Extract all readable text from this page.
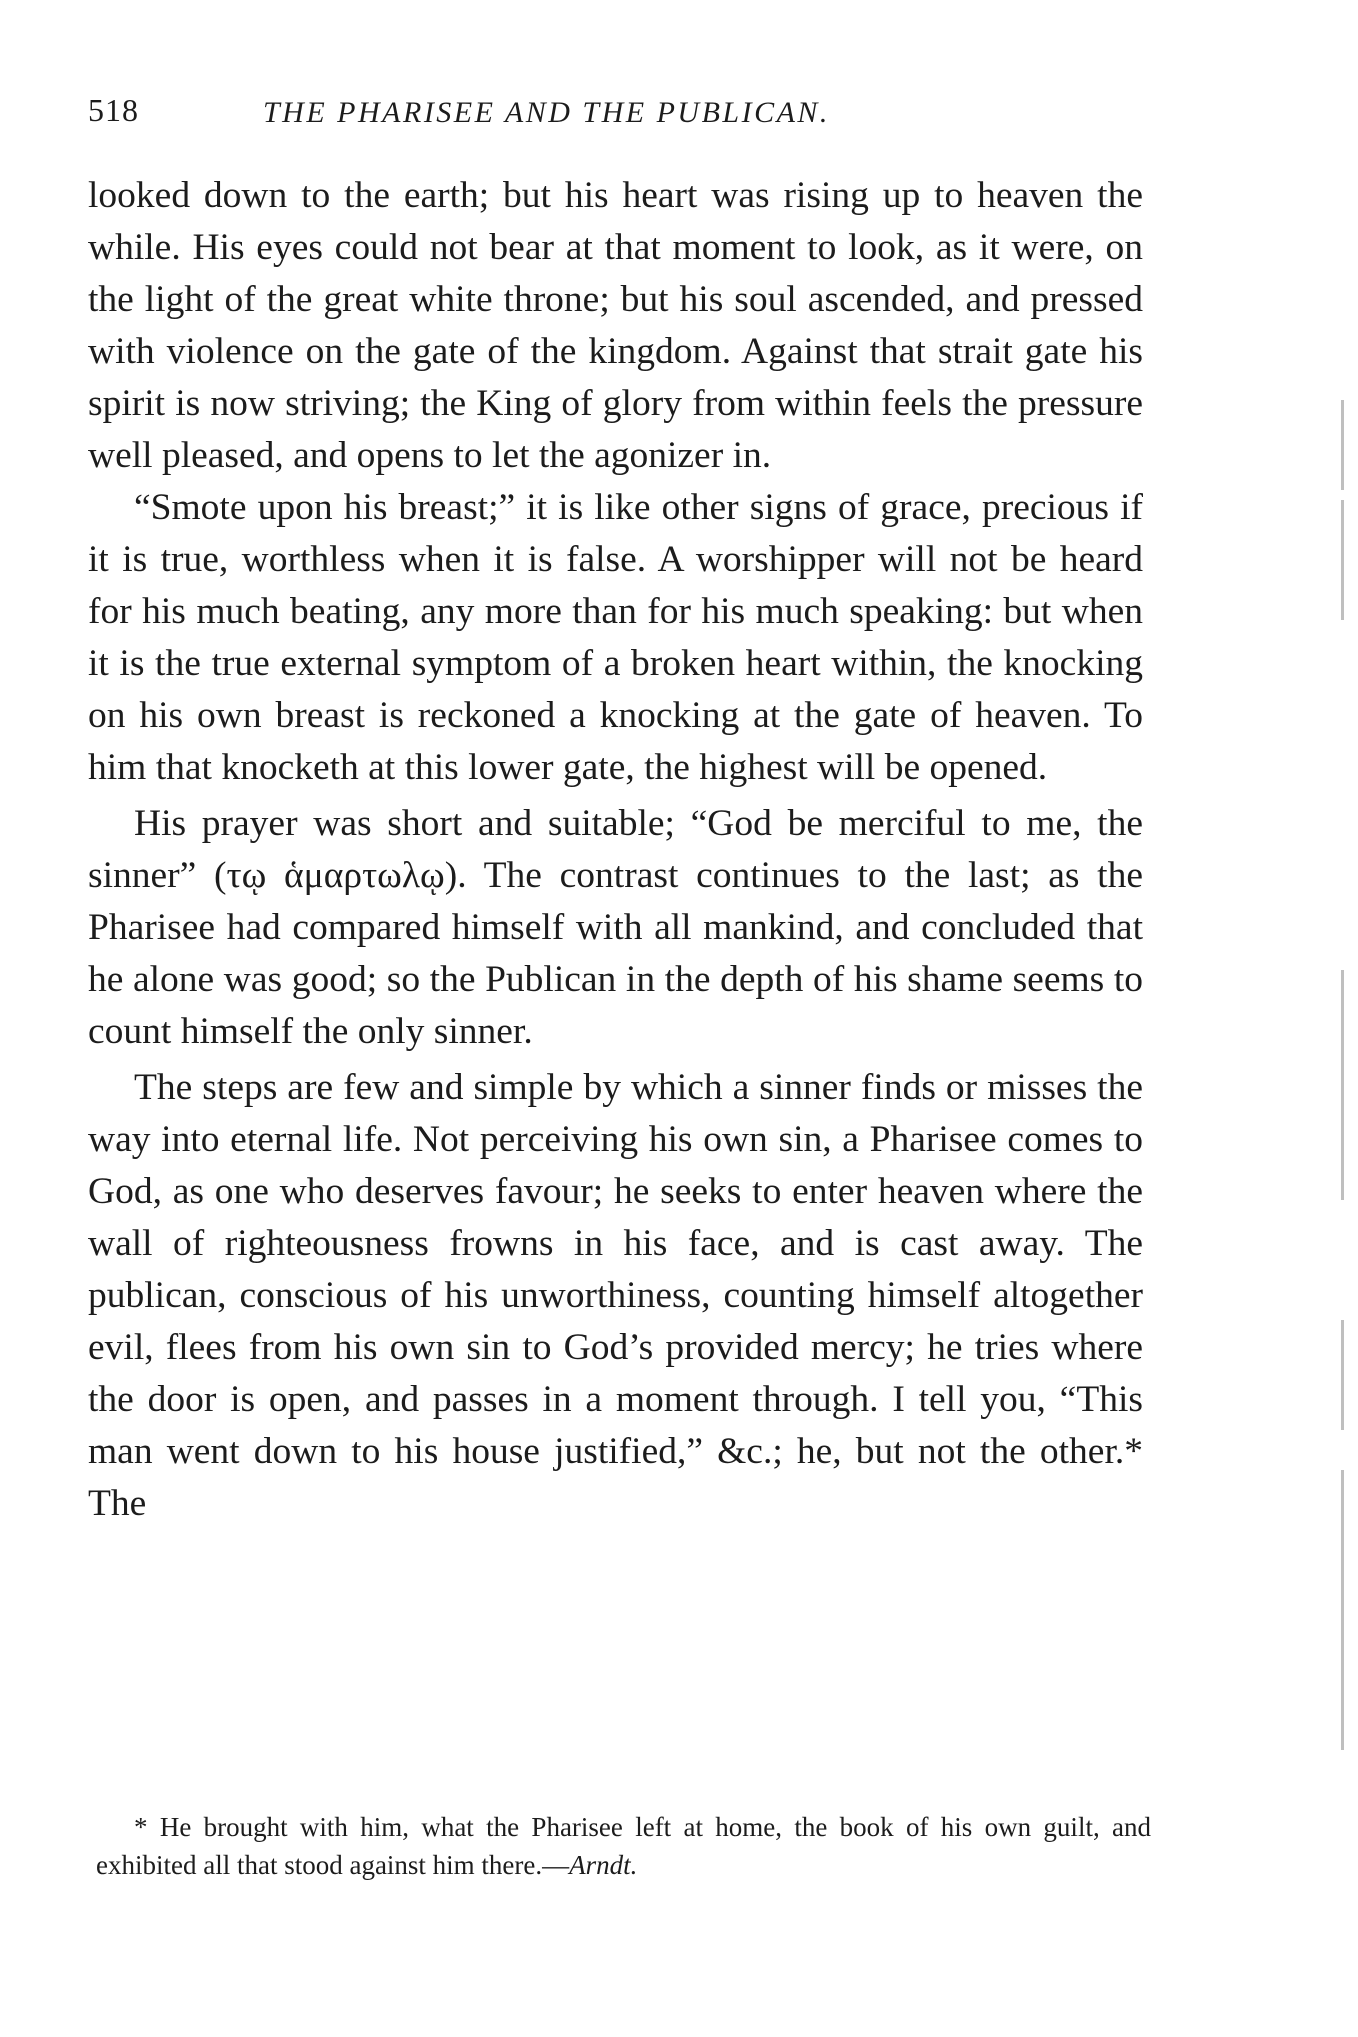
518	THE PHARISEE AND THE PUBLICAN.

looked down to the earth; but his heart was rising up to heaven the while. His eyes could not bear at that moment to look, as it were, on the light of the great white throne; but his soul ascended, and pressed with violence on the gate of the kingdom. Against that strait gate his spirit is now striving; the King of glory from within feels the pressure well pleased, and opens to let the agonizer in.

“Smote upon his breast;” it is like other signs of grace, precious if it is true, worthless when it is false. A worshipper will not be heard for his much beating, any more than for his much speaking: but when it is the true external symptom of a broken heart within, the knocking on his own breast is reckoned a knocking at the gate of heaven. To him that knocketh at this lower gate, the highest will be opened.

His prayer was short and suitable; “God be merciful to me, the sinner” (τῳ ἁμαρτωλῳ). The contrast continues to the last; as the Pharisee had compared himself with all mankind, and concluded that he alone was good; so the Publican in the depth of his shame seems to count himself the only sinner.

The steps are few and simple by which a sinner finds or misses the way into eternal life. Not perceiving his own sin, a Pharisee comes to God, as one who deserves favour; he seeks to enter heaven where the wall of righteousness frowns in his face, and is cast away. The publican, conscious of his unworthiness, counting himself altogether evil, flees from his own sin to God’s provided mercy; he tries where the door is open, and passes in a moment through. I tell you, “This man went down to his house justified,” &c.; he, but not the other.* The

* He brought with him, what the Pharisee left at home, the book of his own guilt, and exhibited all that stood against him there.—Arndt.
